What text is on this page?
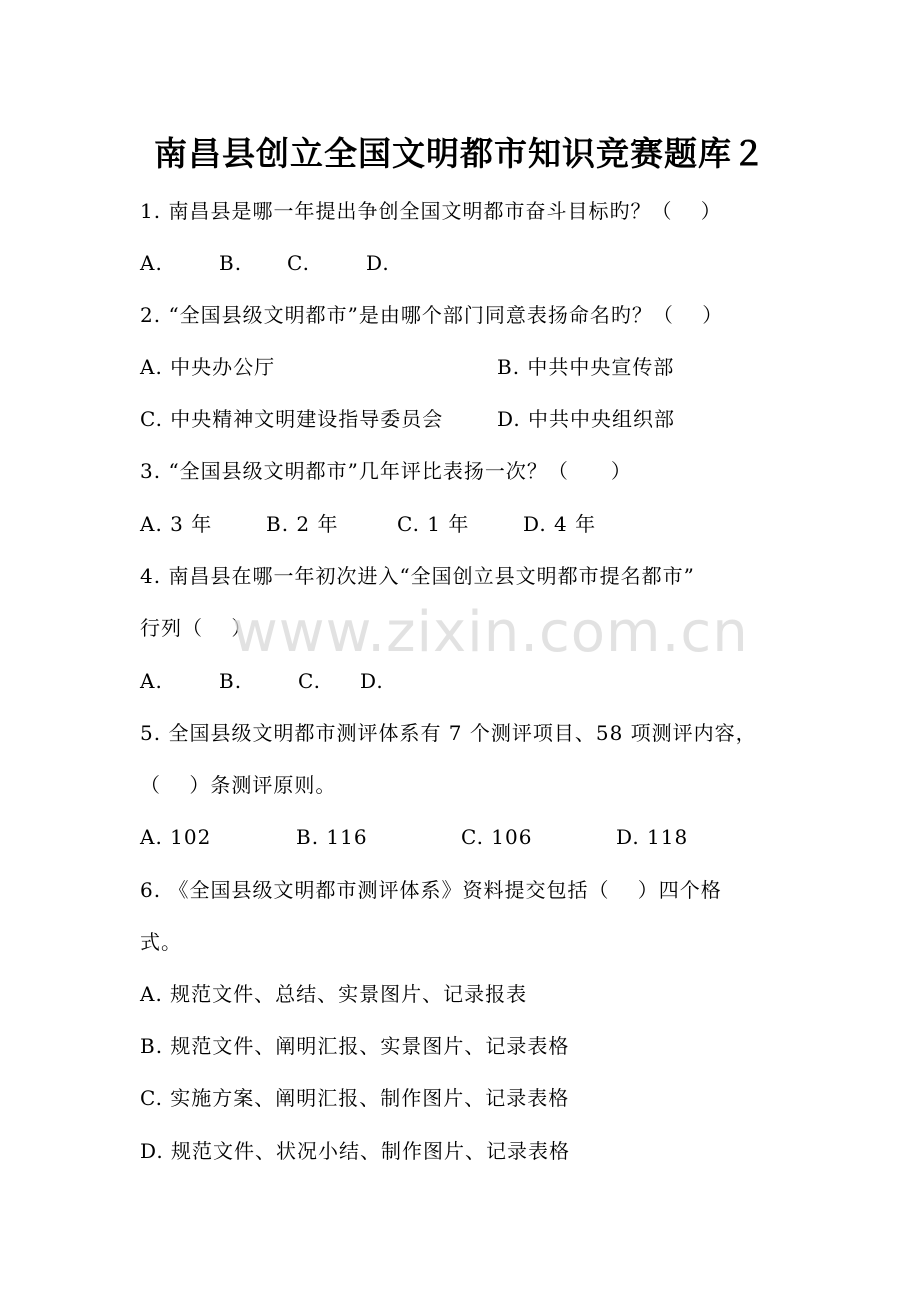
南昌县创立全国文明都市知识竞赛题库２
1. 南昌县是哪一年提出争创全国文明都市奋斗目标旳？（　 ）
A.	B. C.	D.
2. “全国县级文明都市”是由哪个部门同意表扬命名旳？（　 ）
A. 中央办公厅	B. 中共中央宣传部
C. 中央精神文明建设指导委员会	D. 中共中央组织部
3. “全国县级文明都市”几年评比表扬一次？（　　）
A. 3 年	B. 2 年	C. 1 年	D. 4 年
4. 南昌县在哪一年初次进入“全国创立县文明都市提名都市”
行列（　 ）
A.	B.	C. D.
5. 全国县级文明都市测评体系有 7 个测评项目、58 项测评内容，
（　 ）条测评原则。
A. 102	B. 116	C. 106	D. 118
6. 《全国县级文明都市测评体系》资料提交包括（　 ）四个格
式。
A. 规范文件、总结、实景图片、记录报表
B. 规范文件、阐明汇报、实景图片、记录表格
C. 实施方案、阐明汇报、制作图片、记录表格
D. 规范文件、状况小结、制作图片、记录表格
www.zixin.com.cn
